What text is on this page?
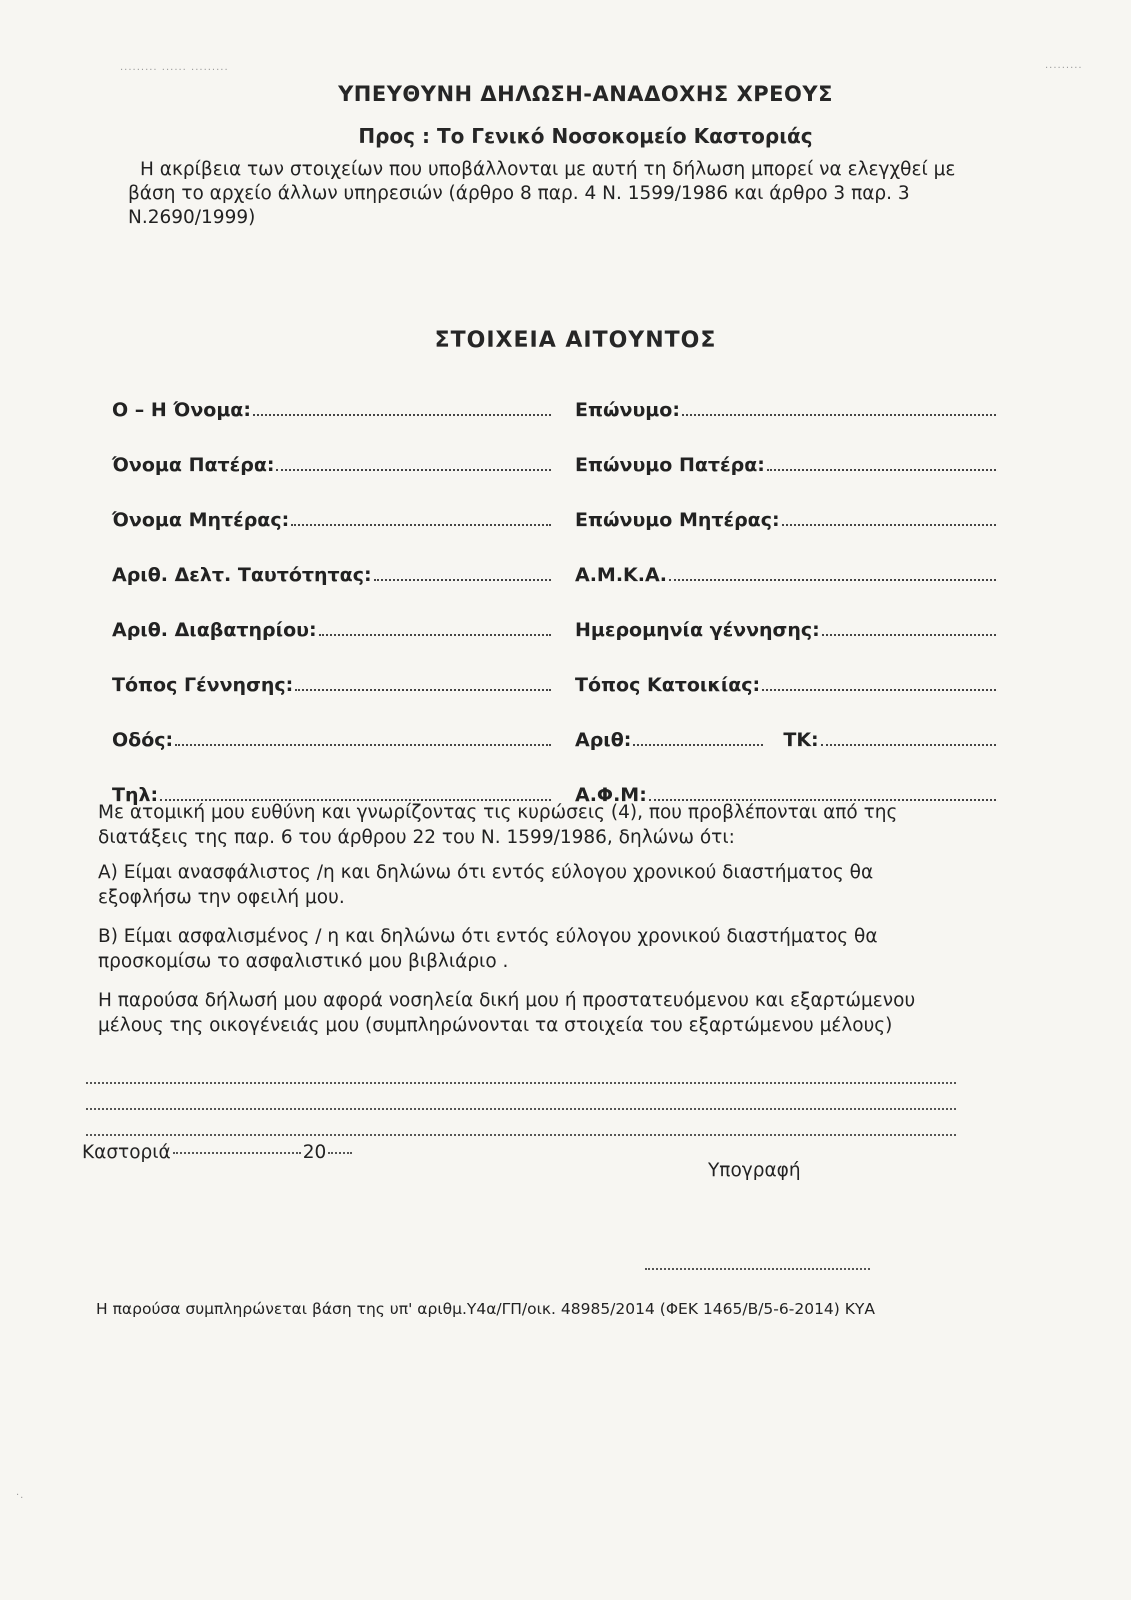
......... ...... .........	.........
·.
ΥΠΕΥΘΥΝΗ ΔΗΛΩΣΗ-ΑΝΑΔΟΧΗΣ ΧΡΕΟΥΣ
Προς : Το Γενικό Νοσοκομείο Καστοριάς

Η ακρίβεια των στοιχείων που υποβάλλονται με αυτή τη δήλωση μπορεί να ελεγχθεί με

βάση το αρχείο άλλων υπηρεσιών (άρθρο 8 παρ. 4 Ν. 1599/1986 και άρθρο 3 παρ. 3

Ν.2690/1999)

ΣΤΟΙΧΕΙΑ ΑΙΤΟΥΝΤΟΣ
Ο – Η Όνομα:	Επώνυμο:
Όνομα Πατέρα:	Επώνυμο Πατέρα:
Όνομα Μητέρας:	Επώνυμο Μητέρας:
Αριθ. Δελτ. Ταυτότητας:	Α.Μ.Κ.Α.
Αριθ. Διαβατηρίου:	Ημερομηνία γέννησης:
Τόπος Γέννησης:	Τόπος Κατοικίας:
Οδός:	Αριθ:	ΤΚ:
Τηλ:	Α.Φ.Μ:

Με ατομική μου ευθύνη και γνωρίζοντας τις κυρώσεις (4), που προβλέπονται από της
διατάξεις της παρ. 6 του άρθρου 22 του Ν. 1599/1986, δηλώνω ότι:

Α) Είμαι ανασφάλιστος /η και δηλώνω ότι εντός εύλογου χρονικού διαστήματος θα
εξοφλήσω την οφειλή μου.

Β) Είμαι ασφαλισμένος / η και δηλώνω ότι εντός εύλογου χρονικού διαστήματος θα
προσκομίσω το ασφαλιστικό μου βιβλιάριο .

Η παρούσα δήλωσή μου αφορά νοσηλεία δική μου ή προστατευόμενου και εξαρτώμενου
μέλους της οικογένειάς μου (συμπληρώνονται τα στοιχεία του εξαρτώμενου μέλους)

Καστοριά	20
Υπογραφή
Η παρούσα συμπληρώνεται βάση της υπ' αριθμ.Υ4α/ΓΠ/οικ. 48985/2014 (ΦΕΚ 1465/Β/5-6-2014) ΚΥΑ
